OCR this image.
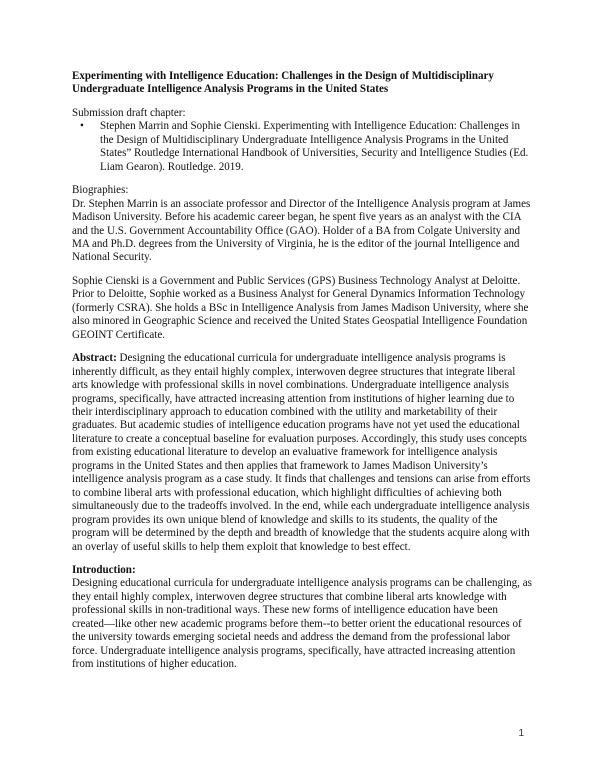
Experimenting with Intelligence Education: Challenges in the Design of Multidisciplinary Undergraduate Intelligence Analysis Programs in the United States

Submission draft chapter:

• Stephen Marrin and Sophie Cienski. Experimenting with Intelligence Education: Challenges in the Design of Multidisciplinary Undergraduate Intelligence Analysis Programs in the United States” Routledge International Handbook of Universities, Security and Intelligence Studies (Ed. Liam Gearon). Routledge. 2019.

Biographies:

Dr. Stephen Marrin is an associate professor and Director of the Intelligence Analysis program at James Madison University. Before his academic career began, he spent five years as an analyst with the CIA and the U.S. Government Accountability Office (GAO). Holder of a BA from Colgate University and MA and Ph.D. degrees from the University of Virginia, he is the editor of the journal Intelligence and National Security.

Sophie Cienski is a Government and Public Services (GPS) Business Technology Analyst at Deloitte. Prior to Deloitte, Sophie worked as a Business Analyst for General Dynamics Information Technology (formerly CSRA). She holds a BSc in Intelligence Analysis from James Madison University, where she also minored in Geographic Science and received the United States Geospatial Intelligence Foundation GEOINT Certificate.

Abstract: Designing the educational curricula for undergraduate intelligence analysis programs is inherently difficult, as they entail highly complex, interwoven degree structures that integrate liberal arts knowledge with professional skills in novel combinations. Undergraduate intelligence analysis programs, specifically, have attracted increasing attention from institutions of higher learning due to their interdisciplinary approach to education combined with the utility and marketability of their graduates. But academic studies of intelligence education programs have not yet used the educational literature to create a conceptual baseline for evaluation purposes. Accordingly, this study uses concepts from existing educational literature to develop an evaluative framework for intelligence analysis programs in the United States and then applies that framework to James Madison University’s intelligence analysis program as a case study. It finds that challenges and tensions can arise from efforts to combine liberal arts with professional education, which highlight difficulties of achieving both simultaneously due to the tradeoffs involved. In the end, while each undergraduate intelligence analysis program provides its own unique blend of knowledge and skills to its students, the quality of the program will be determined by the depth and breadth of knowledge that the students acquire along with an overlay of useful skills to help them exploit that knowledge to best effect.

Introduction:

Designing educational curricula for undergraduate intelligence analysis programs can be challenging, as they entail highly complex, interwoven degree structures that combine liberal arts knowledge with professional skills in non-traditional ways. These new forms of intelligence education have been created—like other new academic programs before them--to better orient the educational resources of the university towards emerging societal needs and address the demand from the professional labor force. Undergraduate intelligence analysis programs, specifically, have attracted increasing attention from institutions of higher education.

1
